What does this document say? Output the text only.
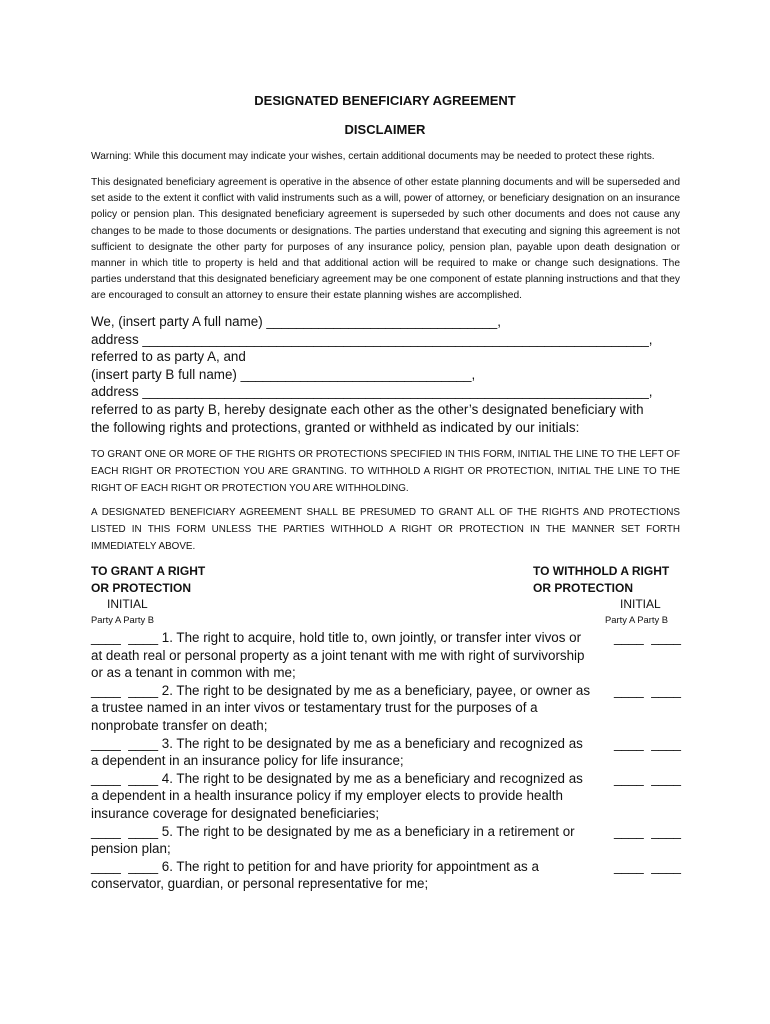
DESIGNATED BENEFICIARY AGREEMENT
DISCLAIMER
Warning: While this document may indicate your wishes, certain additional documents may be needed to protect these rights.
This designated beneficiary agreement is operative in the absence of other estate planning documents and will be superseded and set aside to the extent it conflict with valid instruments such as a will, power of attorney, or beneficiary designation on an insurance policy or pension plan. This designated beneficiary agreement is superseded by such other documents and does not cause any changes to be made to those documents or designations. The parties understand that executing and signing this agreement is not sufficient to designate the other party for purposes of any insurance policy, pension plan, payable upon death designation or manner in which title to property is held and that additional action will be required to make or change such designations. The parties understand that this designated beneficiary agreement may be one component of estate planning instructions and that they are encouraged to consult an attorney to ensure their estate planning wishes are accomplished.
We, (insert party A full name) _______________________________,
address ____________________________________________________________________,
referred to as party A, and
(insert party B full name) _______________________________,
address ____________________________________________________________________,
referred to as party B, hereby designate each other as the other’s designated beneficiary with
the following rights and protections, granted or withheld as indicated by our initials:
TO GRANT ONE OR MORE OF THE RIGHTS OR PROTECTIONS SPECIFIED IN THIS FORM, INITIAL THE LINE TO THE LEFT OF EACH RIGHT OR PROTECTION YOU ARE GRANTING. TO WITHHOLD A RIGHT OR PROTECTION, INITIAL THE LINE TO THE RIGHT OF EACH RIGHT OR PROTECTION YOU ARE WITHHOLDING.
A DESIGNATED BENEFICIARY AGREEMENT SHALL BE PRESUMED TO GRANT ALL OF THE RIGHTS AND PROTECTIONS LISTED IN THIS FORM UNLESS THE PARTIES WITHHOLD A RIGHT OR PROTECTION IN THE MANNER SET FORTH IMMEDIATELY ABOVE.
TO GRANT A RIGHT
OR PROTECTION
TO WITHHOLD A RIGHT
OR PROTECTION
INITIAL	INITIAL
Party A Party B	Party A Party B
____  ____ 1. The right to acquire, hold title to, own jointly, or transfer inter vivos or at death real or personal property as a joint tenant with me with right of survivorship or as a tenant in common with me;
____  ____
____  ____ 2. The right to be designated by me as a beneficiary, payee, or owner as a trustee named in an inter vivos or testamentary trust for the purposes of a nonprobate transfer on death;
____  ____
____  ____ 3. The right to be designated by me as a beneficiary and recognized as a dependent in an insurance policy for life insurance;
____  ____
____  ____ 4. The right to be designated by me as a beneficiary and recognized as a dependent in a health insurance policy if my employer elects to provide health insurance coverage for designated beneficiaries;
____  ____
____  ____ 5. The right to be designated by me as a beneficiary in a retirement or pension plan;
____  ____
____  ____ 6. The right to petition for and have priority for appointment as a conservator, guardian, or personal representative for me;
____  ____
